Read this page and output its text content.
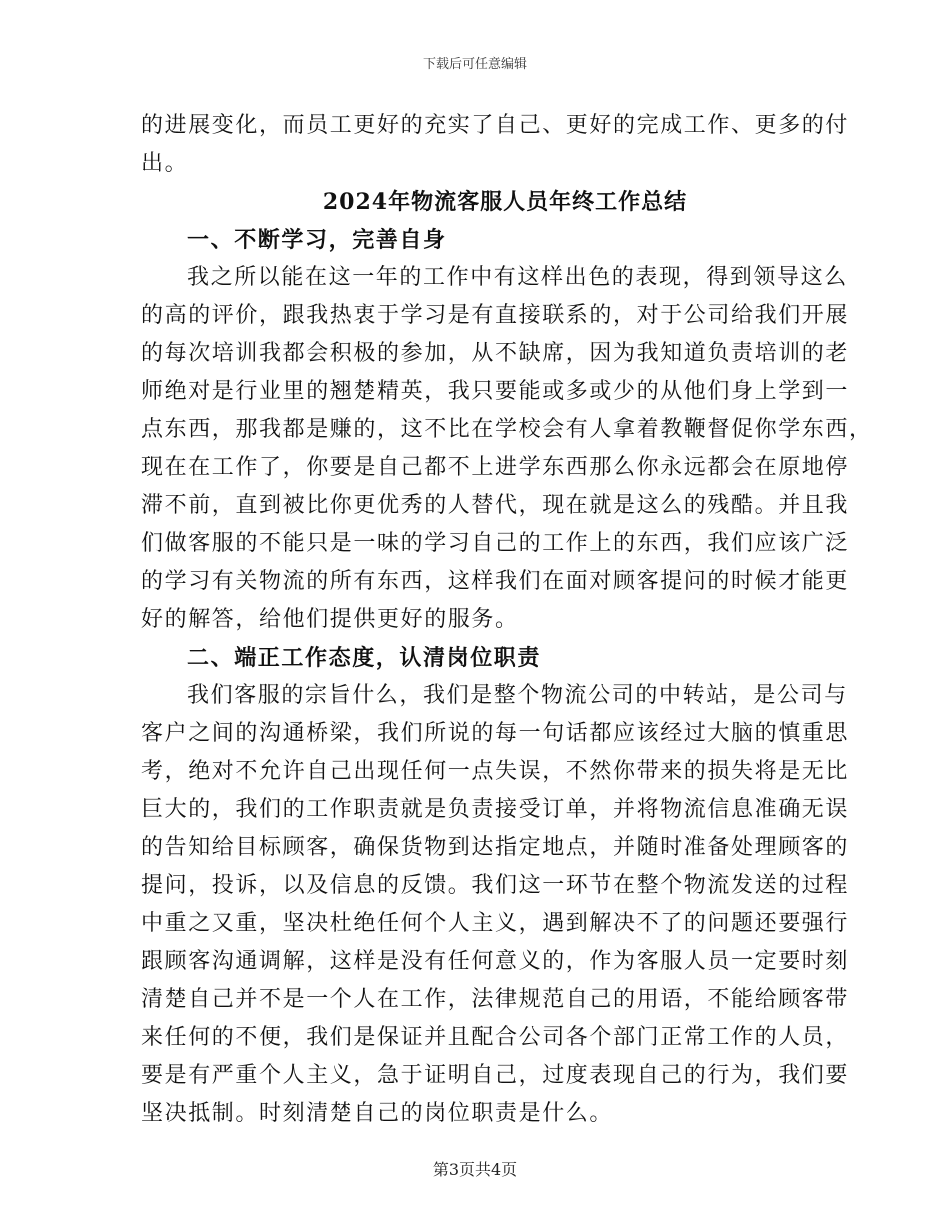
下载后可任意编辑
的进展变化，而员工更好的充实了自己、更好的完成工作、更多的付
出。
2024年物流客服人员年终工作总结
一、不断学习，完善自身
我之所以能在这一年的工作中有这样出色的表现，得到领导这么
的高的评价，跟我热衷于学习是有直接联系的，对于公司给我们开展
的每次培训我都会积极的参加，从不缺席，因为我知道负责培训的老
师绝对是行业里的翘楚精英，我只要能或多或少的从他们身上学到一
点东西，那我都是赚的，这不比在学校会有人拿着教鞭督促你学东西，
现在在工作了，你要是自己都不上进学东西那么你永远都会在原地停
滞不前，直到被比你更优秀的人替代，现在就是这么的残酷。并且我
们做客服的不能只是一味的学习自己的工作上的东西，我们应该广泛
的学习有关物流的所有东西，这样我们在面对顾客提问的时候才能更
好的解答，给他们提供更好的服务。
二、端正工作态度，认清岗位职责
我们客服的宗旨什么，我们是整个物流公司的中转站，是公司与
客户之间的沟通桥梁，我们所说的每一句话都应该经过大脑的慎重思
考，绝对不允许自己出现任何一点失误，不然你带来的损失将是无比
巨大的，我们的工作职责就是负责接受订单，并将物流信息准确无误
的告知给目标顾客，确保货物到达指定地点，并随时准备处理顾客的
提问，投诉，以及信息的反馈。我们这一环节在整个物流发送的过程
中重之又重，坚决杜绝任何个人主义，遇到解决不了的问题还要强行
跟顾客沟通调解，这样是没有任何意义的，作为客服人员一定要时刻
清楚自己并不是一个人在工作，法律规范自己的用语，不能给顾客带
来任何的不便，我们是保证并且配合公司各个部门正常工作的人员，
要是有严重个人主义，急于证明自己，过度表现自己的行为，我们要
坚决抵制。时刻清楚自己的岗位职责是什么。
第3页共4页
